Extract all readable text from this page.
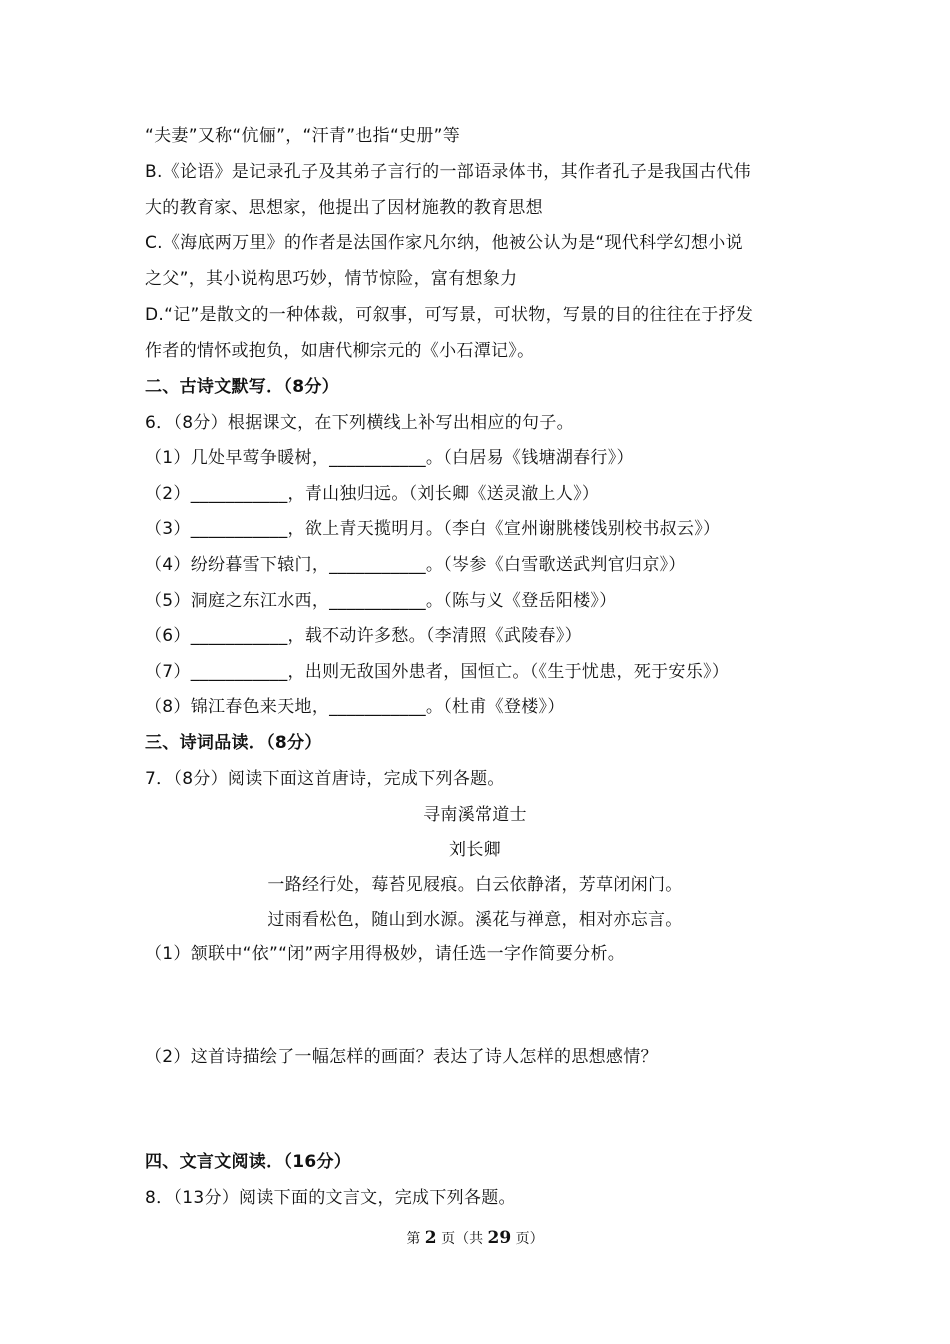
“夫妻”又称“伉俪”，“汗青”也指“史册”等
B.《论语》是记录孔子及其弟子言行的一部语录体书，其作者孔子是我国古代伟
大的教育家、思想家，他提出了因材施教的教育思想
C.《海底两万里》的作者是法国作家凡尔纳，他被公认为是“现代科学幻想小说
之父”，其小说构思巧妙，情节惊险，富有想象力
D.“记”是散文的一种体裁，可叙事，可写景，可状物，写景的目的往往在于抒发
作者的情怀或抱负，如唐代柳宗元的《小石潭记》。
二、古诗文默写．（8分）
6．（8分）根据课文，在下列横线上补写出相应的句子。
（1）几处早莺争暖树，___________。（白居易《钱塘湖春行》）
（2）___________，青山独归远。（刘长卿《送灵澈上人》）
（3）___________，欲上青天揽明月。（李白《宣州谢朓楼饯别校书叔云》）
（4）纷纷暮雪下辕门，___________。（岑参《白雪歌送武判官归京》）
（5）洞庭之东江水西，___________。（陈与义《登岳阳楼》）
（6）___________，载不动许多愁。（李清照《武陵春》）
（7）___________，出则无敌国外患者，国恒亡。（《生于忧患，死于安乐》）
（8）锦江春色来天地，___________。（杜甫《登楼》）
三、诗词品读．（8分）
7．（8分）阅读下面这首唐诗，完成下列各题。
寻南溪常道士
刘长卿
一路经行处，莓苔见屐痕。白云依静渚，芳草闭闲门。
过雨看松色，随山到水源。溪花与禅意，相对亦忘言。
（1）颔联中“依”“闭”两字用得极妙，请任选一字作简要分析。
（2）这首诗描绘了一幅怎样的画面？表达了诗人怎样的思想感情？
四、文言文阅读．（16分）
8．（13分）阅读下面的文言文，完成下列各题。
第 2 页（共 29 页）
